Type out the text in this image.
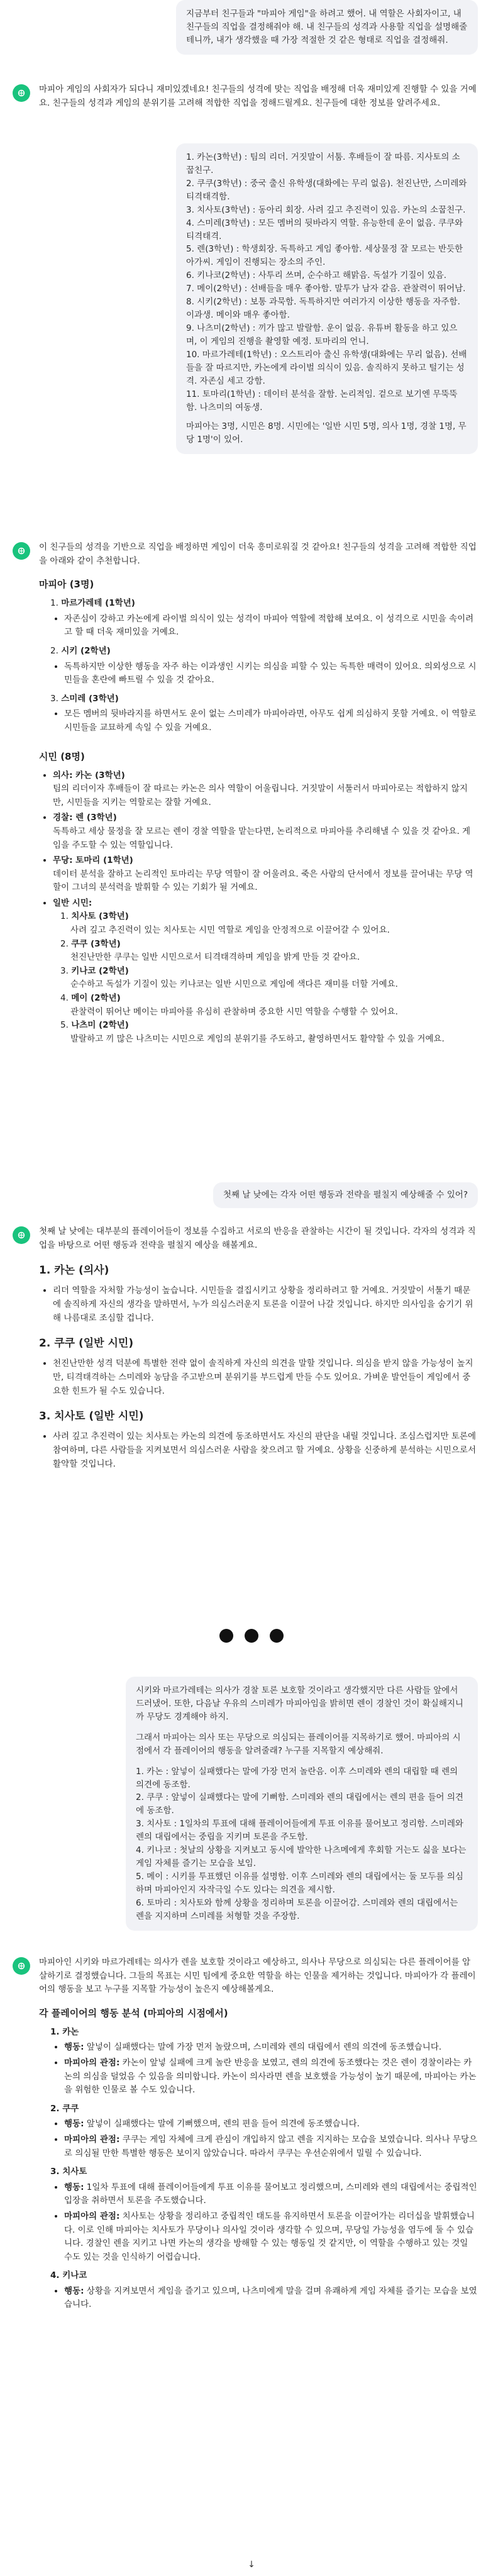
지금부터 친구들과 "마피아 게임"을 하려고 했어. 내 역할은 사회자이고, 내 친구들의 직업을 결정해줘야 해. 내 친구들의 성격과 사용할 직업을 설명해줄 테니까, 내가 생각했을 때 가장 적절한 것 같은 형태로 직업을 결정해줘.

마피아 게임의 사회자가 되다니 재미있겠네요! 친구들의 성격에 맞는 직업을 배정해 더욱 재미있게 진행할 수 있을 거예요. 친구들의 성격과 게임의 분위기를 고려해 적합한 직업을 정해드릴게요. 친구들에 대한 정보를 알려주세요.

1. 카논(3학년) : 팀의 리더. 거짓말이 서툼. 후배들이 잘 따름. 지사토의 소꿉친구.
2. 쿠쿠(3학년) : 중국 출신 유학생(대화에는 무리 없음). 천진난만, 스미레와 티격태격함.
3. 치사토(3학년) : 동아리 회장. 사려 깊고 추진력이 있음. 카논의 소꿉친구.
4. 스미레(3학년) : 모든 멤버의 뒷바라지 역할. 유능한데 운이 없음. 쿠쿠와 티격태격.
5. 렌(3학년) : 학생회장. 독특하고 게임 좋아함. 세상물정 잘 모르는 반듯한 아가씨. 게임이 진행되는 장소의 주인.
6. 키나코(2학년) : 사투리 쓰며, 순수하고 해맑음. 독설가 기질이 있음.
7. 메이(2학년) : 선배들을 매우 좋아함. 말투가 남자 같음. 관찰력이 뛰어남.
8. 시키(2학년) : 보통 과묵함. 독특하지만 여러가지 이상한 행동을 자주함. 이과생. 메이와 매우 좋아함.
9. 나츠미(2학년) : 끼가 많고 발랄함. 운이 없음. 유튜버 활동을 하고 있으며, 이 게임의 진행을 촬영할 예정. 토마리의 언니.
10. 마르가레테(1학년) : 오스트리아 출신 유학생(대화에는 무리 없음). 선배들을 잘 따르지만, 카논에게 라이벌 의식이 있음. 솔직하지 못하고 털기는 성격. 자존심 세고 강함.
11. 토마리(1학년) : 데이터 분석을 잘함. 논리적임. 겉으로 보기엔 무뚝뚝함. 나츠미의 여동생.
마피아는 3명, 시민은 8명. 시민에는 '일반 시민 5명, 의사 1명, 경찰 1명, 무당 1명'이 있어.

이 친구들의 성격을 기반으로 직업을 배정하면 게임이 더욱 흥미로워질 것 같아요! 친구들의 성격을 고려해 적합한 직업을 아래와 같이 추천합니다.

마피아 (3명)
1. 마르가레테 (1학년)
• 자존심이 강하고 카논에게 라이벌 의식이 있는 성격이 마피아 역할에 적합해 보여요. 이 성격으로 시민을 속이려고 할 때 더욱 재미있을 거예요.
2. 시키 (2학년)
• 독특하지만 이상한 행동을 자주 하는 이과생인 시키는 의심을 피할 수 있는 독특한 매력이 있어요. 의외성으로 시민들을 혼란에 빠트릴 수 있을 것 같아요.
3. 스미레 (3학년)
• 모든 멤버의 뒷바라지를 하면서도 운이 없는 스미레가 마피아라면, 아무도 쉽게 의심하지 못할 거예요. 이 역할로 시민들을 교묘하게 속일 수 있을 거예요.
시민 (8명)
• 의사: 카논 (3학년)
팀의 리더이자 후배들이 잘 따르는 카논은 의사 역할이 어울립니다. 거짓말이 서툴러서 마피아로는 적합하지 않지만, 시민들을 지키는 역할로는 잘할 거예요.
• 경찰: 렌 (3학년)
독특하고 세상 물정을 잘 모르는 렌이 경찰 역할을 맡는다면, 논리적으로 마피아를 추리해낼 수 있을 것 같아요. 게임을 주도할 수 있는 역할입니다.
• 무당: 토마리 (1학년)
데이터 분석을 잘하고 논리적인 토마리는 무당 역할이 잘 어울려요. 죽은 사람의 단서에서 정보를 끌어내는 무당 역할이 그녀의 분석력을 발휘할 수 있는 기회가 될 거예요.
• 일반 시민:
1. 치사토 (3학년)
사려 깊고 추진력이 있는 치사토는 시민 역할로 게임을 안정적으로 이끌어갈 수 있어요.
2. 쿠쿠 (3학년)
천진난만한 쿠쿠는 일반 시민으로서 티격태격하며 게임을 밝게 만들 것 같아요.
3. 키나코 (2학년)
순수하고 독설가 기질이 있는 키나코는 일반 시민으로 게임에 색다른 재미를 더할 거예요.
4. 메이 (2학년)
관찰력이 뛰어난 메이는 마피아를 유심히 관찰하며 중요한 시민 역할을 수행할 수 있어요.
5. 나츠미 (2학년)
발랄하고 끼 많은 나츠미는 시민으로 게임의 분위기를 주도하고, 촬영하면서도 활약할 수 있을 거예요.
첫째 날 낮에는 각자 어떤 행동과 전략을 펼칠지 예상해줄 수 있어?

첫째 날 낮에는 대부분의 플레이어들이 정보를 수집하고 서로의 반응을 관찰하는 시간이 될 것입니다. 각자의 성격과 직업을 바탕으로 어떤 행동과 전략을 펼칠지 예상을 해볼게요.

1. 카논 (의사)
• 리더 역할을 자처할 가능성이 높습니다. 시민들을 결집시키고 상황을 정리하려고 할 거예요. 거짓말이 서툴기 때문에 솔직하게 자신의 생각을 말하면서, 누가 의심스러운지 토론을 이끌어 나갈 것입니다. 하지만 의사임을 숨기기 위해 나름대로 조심할 겁니다.
2. 쿠쿠 (일반 시민)
• 천진난만한 성격 덕분에 특별한 전략 없이 솔직하게 자신의 의견을 말할 것입니다. 의심을 받지 않을 가능성이 높지만, 티격태격하는 스미레와 농담을 주고받으며 분위기를 부드럽게 만들 수도 있어요. 가벼운 발언들이 게임에서 중요한 힌트가 될 수도 있습니다.
3. 치사토 (일반 시민)
• 사려 깊고 추진력이 있는 치사토는 카논의 의견에 동조하면서도 자신의 판단을 내릴 것입니다. 조심스럽지만 토론에 참여하며, 다른 사람들을 지켜보면서 의심스러운 사람을 찾으려고 할 거예요. 상황을 신중하게 분석하는 시민으로서 활약할 것입니다.
시키와 마르가레테는 의사가 경찰 토론 보호할 것이라고 생각했지만 다른 사람들 앞에서 드러냈어. 또한, 다음날 우유의 스미레가 마피아임을 밝히면 렌이 경찰인 것이 확실해지니까 무당도 경계해야 하지.
그래서 마피아는 의사 또는 무당으로 의심되는 플레이어를 지목하기로 했어. 마피아의 시점에서 각 플레이어의 행동을 알려줄래? 누구를 지목할지 예상해줘.
1. 카논 : 앞넣이 실패했다는 말에 가장 먼저 놀란음. 이후 스미레와 렌의 대립할 때 렌의 의견에 동조함.
2. 쿠쿠 : 앞넣이 실패했다는 말에 기뻐함. 스미레와 렌의 대립에서는 렌의 편을 들어 의견에 동조함.
3. 치사토 : 1일차의 투표에 대해 플레이어들에게 투표 이유를 물어보고 정리함. 스미레와 렌의 대립에서는 중립을 지키며 토론을 주도함.
4. 키나코 : 첫날의 상황을 지켜보고 동시에 발악한 나츠메에게 후회할 거는도 싫을 보다는 게임 자체를 즐기는 모습을 보임.
5. 메이 : 시키를 투표했던 이유를 설명함. 이후 스미레와 렌의 대립에서는 둘 모두를 의심하며 마피아인지 자작극일 수도 있다는 의견을 제시함.
6. 토마리 : 치사토와 함께 상황을 정리하며 토론을 이끌어감. 스미레와 렌의 대립에서는 렌을 지지하며 스미레를 처형할 것을 주장함.

마피아인 시키와 마르가레테는 의사가 렌을 보호할 것이라고 예상하고, 의사나 무당으로 의심되는 다른 플레이어를 암살하기로 결정했습니다. 그들의 목표는 시민 팀에게 중요한 역할을 하는 인물을 제거하는 것입니다. 마피아가 각 플레이어의 행동을 보고 누구를 지목할 가능성이 높은지 예상해볼게요.

각 플레이어의 행동 분석 (마피아의 시점에서)
1. 카논
• 행동: 앞넣이 실패했다는 말에 가장 먼저 놀랐으며, 스미레와 렌의 대립에서 렌의 의견에 동조했습니다.
• 마피아의 관점: 카논이 앞넣 실패에 크게 놀란 반응을 보였고, 렌의 의견에 동조했다는 것은 렌이 경찰이라는 카논의 의심을 덜었음 수 있음을 의미합니다. 카논이 의사라면 렌을 보호했을 가능성이 높기 때문에, 마피아는 카논을 위험한 인물로 볼 수도 있습니다.
2. 쿠쿠
• 행동: 앞넣이 실패했다는 말에 기뻐했으며, 렌의 편을 들어 의견에 동조했습니다.
• 마피아의 관점: 쿠쿠는 게임 자체에 크게 관심이 개입하지 않고 렌을 지지하는 모습을 보였습니다. 의사나 무당으로 의심될 만한 특별한 행동은 보이지 않았습니다. 따라서 쿠쿠는 우선순위에서 밀릴 수 있습니다.
3. 치사토
• 행동: 1일차 투표에 대해 플레이어들에게 투표 이유를 물어보고 정리했으며, 스미레와 렌의 대립에서는 중립적인 입장을 취하면서 토론을 주도했습니다.
• 마피아의 관점: 치사토는 상황을 정리하고 중립적인 태도를 유지하면서 토론을 이끌어가는 리더십을 발휘했습니다. 이로 인해 마피아는 치사토가 무당이나 의사일 것이라 생각할 수 있으며, 무당일 가능성을 염두에 둘 수 있습니다. 경찰인 렌을 지키고 나면 카논의 생각을 방해할 수 있는 행동일 것 같지만, 이 역할을 수행하고 있는 것일 수도 있는 것을 인식하기 어렵습니다.
4. 키나코
• 행동: 상황을 지켜보면서 게임을 즐기고 있으며, 나츠미에게 말을 걸며 유쾌하게 게임 자체를 즐기는 모습을 보였습니다.
↓
